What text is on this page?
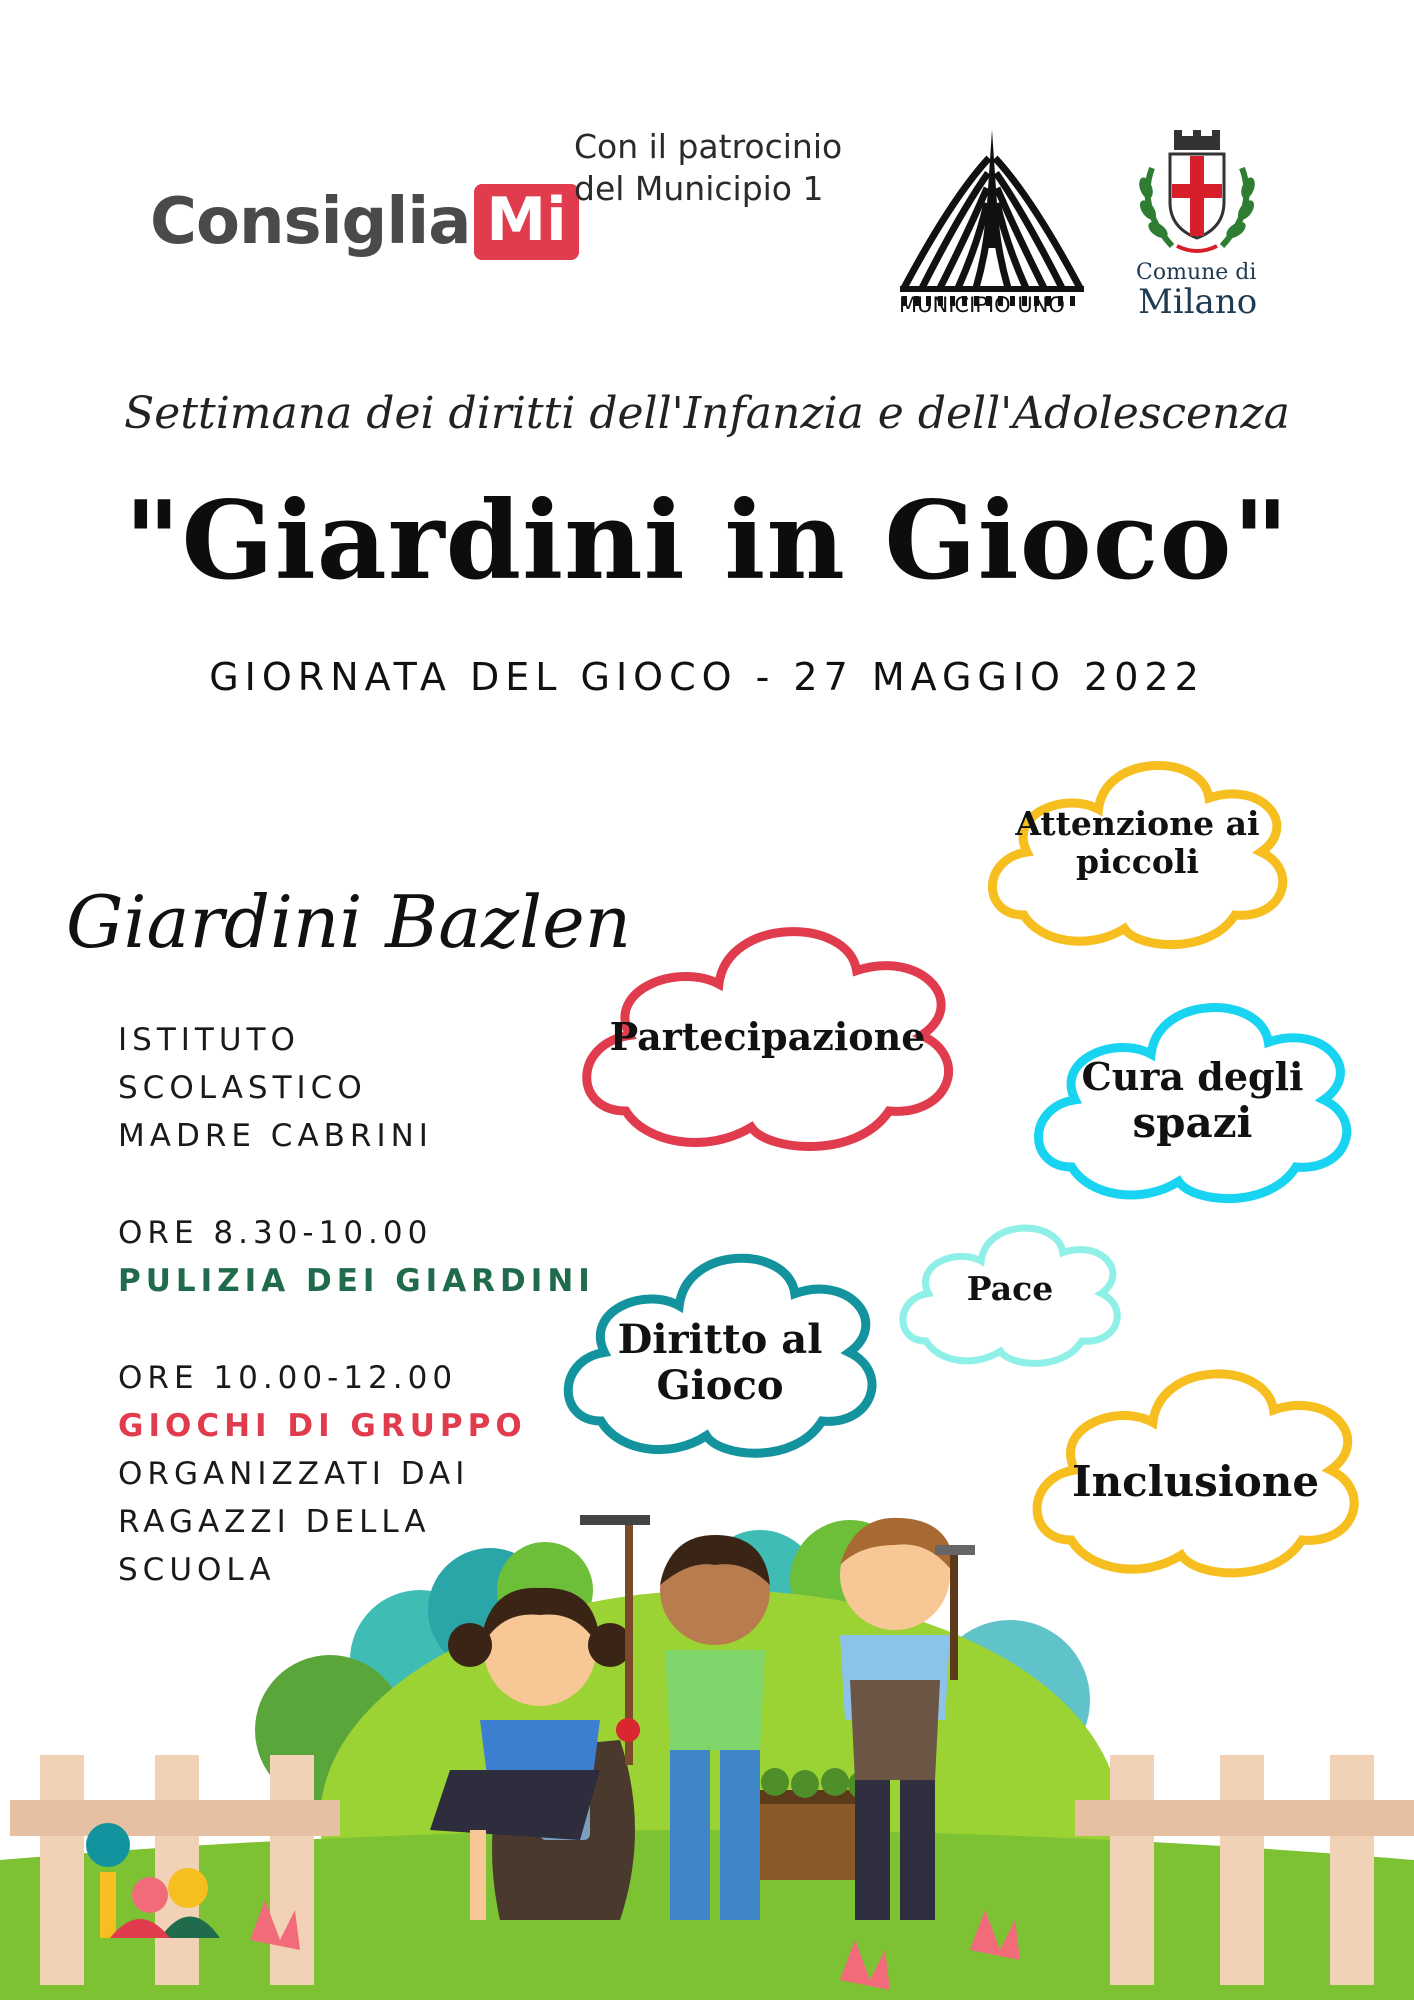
Consiglia Mi
Con il patrocinio
del Municipio 1
MUNICIPIO UNO
Comune di
Milano
Settimana dei diritti dell'Infanzia e dell'Adolescenza
"Giardini in Gioco"
GIORNATA DEL GIOCO - 27 MAGGIO 2022
Giardini Bazlen
ISTITUTO
SCOLASTICO
MADRE CABRINI
ORE 8.30-10.00
PULIZIA DEI GIARDINI
ORE 10.00-12.00
GIOCHI DI GRUPPO
ORGANIZZATI DAI
RAGAZZI DELLA
SCUOLA
Attenzione ai
piccoli
Partecipazione
Cura degli
spazi
Pace
Diritto al
Gioco
Inclusione
